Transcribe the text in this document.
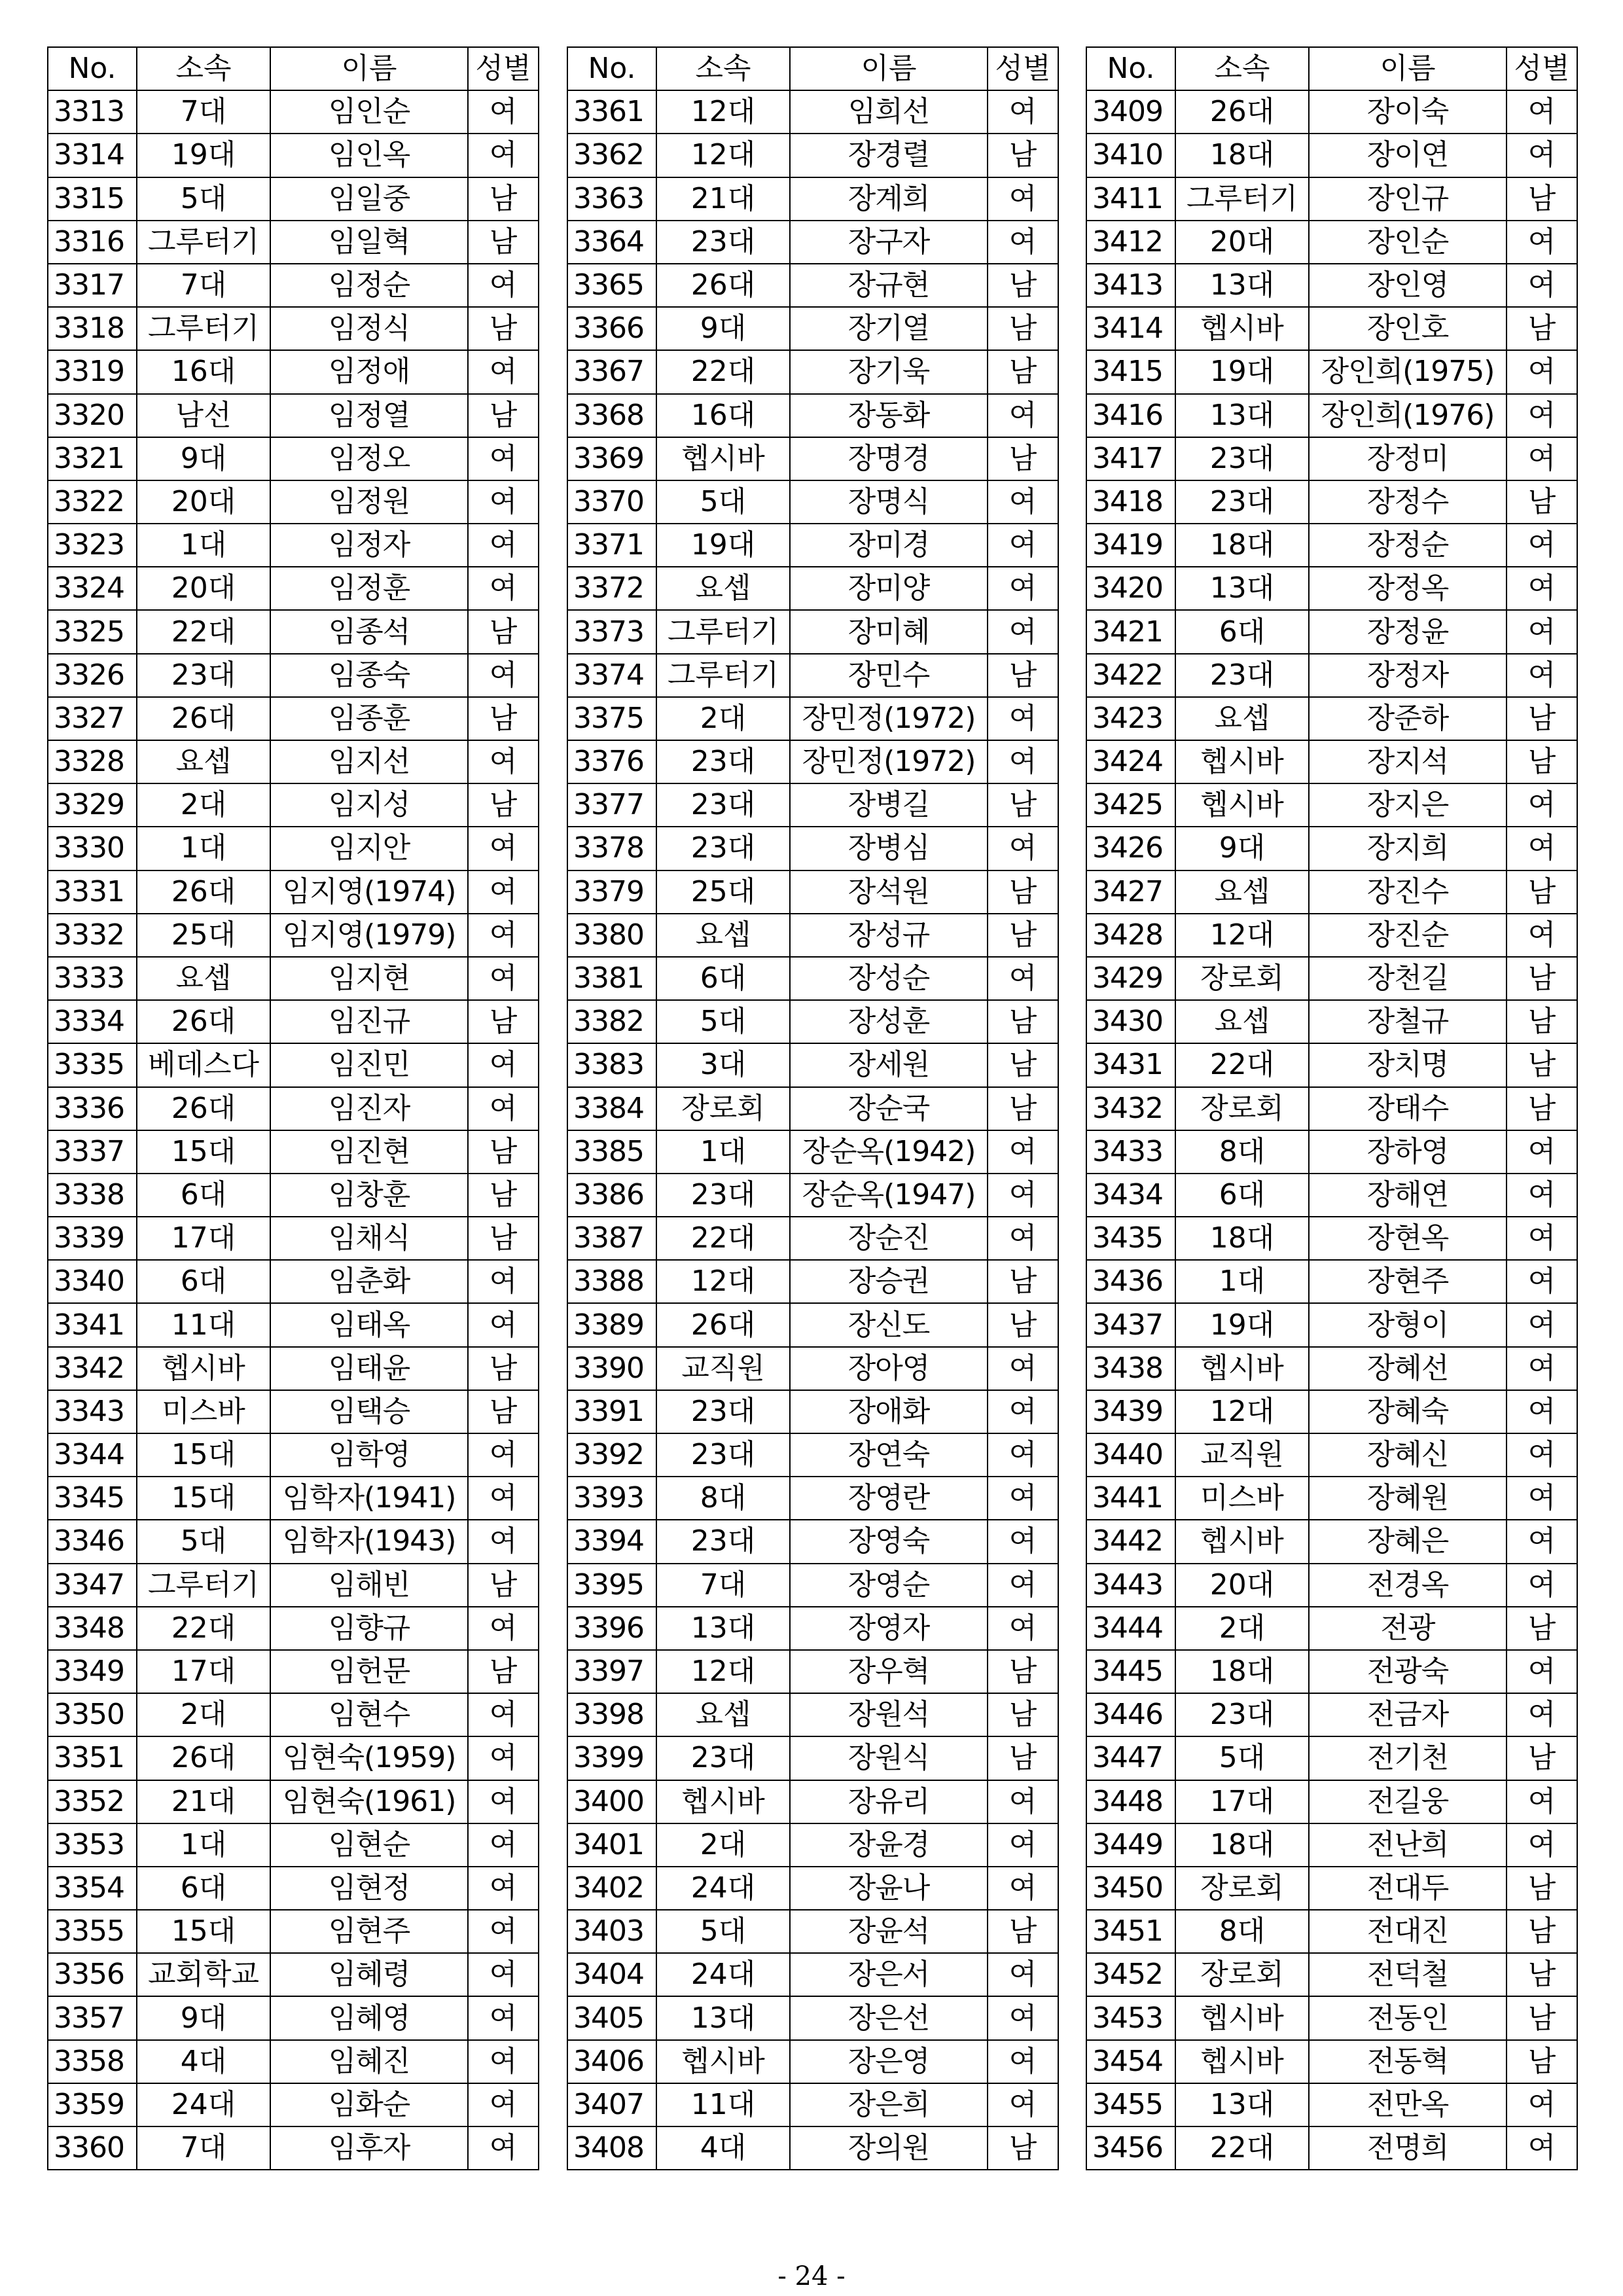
No.	소속	이름	성별
3313	7대	임인순	여
3314	19대	임인옥	여
3315	5대	임일중	남
3316	그루터기	임일혁	남
3317	7대	임정순	여
3318	그루터기	임정식	남
3319	16대	임정애	여
3320	남선	임정열	남
3321	9대	임정오	여
3322	20대	임정원	여
3323	1대	임정자	여
3324	20대	임정훈	여
3325	22대	임종석	남
3326	23대	임종숙	여
3327	26대	임종훈	남
3328	요셉	임지선	여
3329	2대	임지성	남
3330	1대	임지안	여
3331	26대	임지영(1974)	여
3332	25대	임지영(1979)	여
3333	요셉	임지현	여
3334	26대	임진규	남
3335	베데스다	임진민	여
3336	26대	임진자	여
3337	15대	임진현	남
3338	6대	임창훈	남
3339	17대	임채식	남
3340	6대	임춘화	여
3341	11대	임태옥	여
3342	헵시바	임태윤	남
3343	미스바	임택승	남
3344	15대	임학영	여
3345	15대	임학자(1941)	여
3346	5대	임학자(1943)	여
3347	그루터기	임해빈	남
3348	22대	임향규	여
3349	17대	임헌문	남
3350	2대	임현수	여
3351	26대	임현숙(1959)	여
3352	21대	임현숙(1961)	여
3353	1대	임현순	여
3354	6대	임현정	여
3355	15대	임현주	여
3356	교회학교	임혜령	여
3357	9대	임혜영	여
3358	4대	임혜진	여
3359	24대	임화순	여
3360	7대	임후자	여
No.	소속	이름	성별
3361	12대	임희선	여
3362	12대	장경렬	남
3363	21대	장계희	여
3364	23대	장구자	여
3365	26대	장규현	남
3366	9대	장기열	남
3367	22대	장기욱	남
3368	16대	장동화	여
3369	헵시바	장명경	남
3370	5대	장명식	여
3371	19대	장미경	여
3372	요셉	장미양	여
3373	그루터기	장미혜	여
3374	그루터기	장민수	남
3375	2대	장민정(1972)	여
3376	23대	장민정(1972)	여
3377	23대	장병길	남
3378	23대	장병심	여
3379	25대	장석원	남
3380	요셉	장성규	남
3381	6대	장성순	여
3382	5대	장성훈	남
3383	3대	장세원	남
3384	장로회	장순국	남
3385	1대	장순옥(1942)	여
3386	23대	장순옥(1947)	여
3387	22대	장순진	여
3388	12대	장승권	남
3389	26대	장신도	남
3390	교직원	장아영	여
3391	23대	장애화	여
3392	23대	장연숙	여
3393	8대	장영란	여
3394	23대	장영숙	여
3395	7대	장영순	여
3396	13대	장영자	여
3397	12대	장우혁	남
3398	요셉	장원석	남
3399	23대	장원식	남
3400	헵시바	장유리	여
3401	2대	장윤경	여
3402	24대	장윤나	여
3403	5대	장윤석	남
3404	24대	장은서	여
3405	13대	장은선	여
3406	헵시바	장은영	여
3407	11대	장은희	여
3408	4대	장의원	남
No.	소속	이름	성별
3409	26대	장이숙	여
3410	18대	장이연	여
3411	그루터기	장인규	남
3412	20대	장인순	여
3413	13대	장인영	여
3414	헵시바	장인호	남
3415	19대	장인희(1975)	여
3416	13대	장인희(1976)	여
3417	23대	장정미	여
3418	23대	장정수	남
3419	18대	장정순	여
3420	13대	장정옥	여
3421	6대	장정윤	여
3422	23대	장정자	여
3423	요셉	장준하	남
3424	헵시바	장지석	남
3425	헵시바	장지은	여
3426	9대	장지희	여
3427	요셉	장진수	남
3428	12대	장진순	여
3429	장로회	장천길	남
3430	요셉	장철규	남
3431	22대	장치명	남
3432	장로회	장태수	남
3433	8대	장하영	여
3434	6대	장해연	여
3435	18대	장현옥	여
3436	1대	장현주	여
3437	19대	장형이	여
3438	헵시바	장혜선	여
3439	12대	장혜숙	여
3440	교직원	장혜신	여
3441	미스바	장혜원	여
3442	헵시바	장혜은	여
3443	20대	전경옥	여
3444	2대	전광	남
3445	18대	전광숙	여
3446	23대	전금자	여
3447	5대	전기천	남
3448	17대	전길웅	여
3449	18대	전난희	여
3450	장로회	전대두	남
3451	8대	전대진	남
3452	장로회	전덕철	남
3453	헵시바	전동인	남
3454	헵시바	전동혁	남
3455	13대	전만옥	여
3456	22대	전명희	여
- 24 -
